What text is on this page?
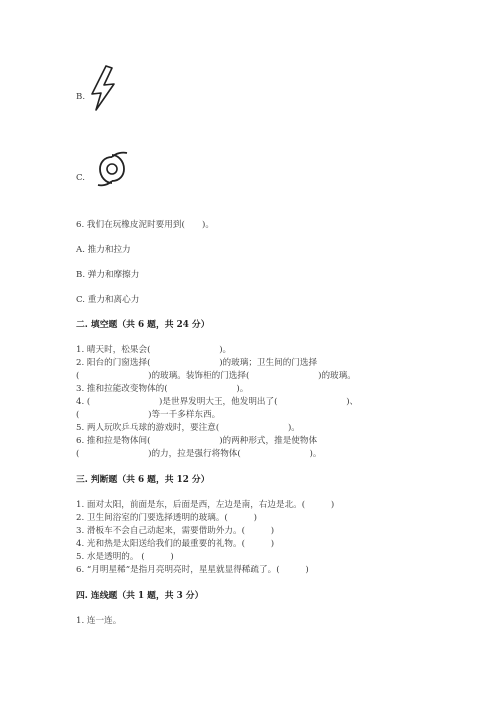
B.
C.
6. 我们在玩橡皮泥时要用到(　　)。
A. 推力和拉力
B. 弹力和摩擦力
C. 重力和离心力
二. 填空题（共 6 题，共 24 分）
1. 晴天时，松果会(　　　　　　　　)。
2. 阳台的门窗选择(　　　　　　　　)的玻璃；卫生间的门选择
(　　　　　　　　)的玻璃。装饰柜的门选择(　　　　　　　　)的玻璃。
3. 推和拉能改变物体的(　　　　　　　　)。
4. (　　　　　　　　)是世界发明大王，他发明出了(　　　　　　　　)、
(　　　　　　　　)等一千多样东西。
5. 两人玩吹乒乓球的游戏时，要注意(　　　　　　　　)。
6. 推和拉是物体间(　　　　　　　　)的两种形式，推是使物体
(　　　　　　　　)的力，拉是强行将物体(　　　　　　　　)。
三. 判断题（共 6 题，共 12 分）
1. 面对太阳，前面是东，后面是西，左边是南，右边是北。(　　　)
2. 卫生间浴室的门要选择透明的玻璃。(　　　)
3. 滑板车不会自己动起来，需要借助外力。(　　　)
4. 光和热是太阳送给我们的最重要的礼物。(　　　)
5. 水是透明的。 (　　　)
6. “月明星稀”是指月亮明亮时，星星就显得稀疏了。(　　　)
四. 连线题（共 1 题，共 3 分）
1. 连一连。
